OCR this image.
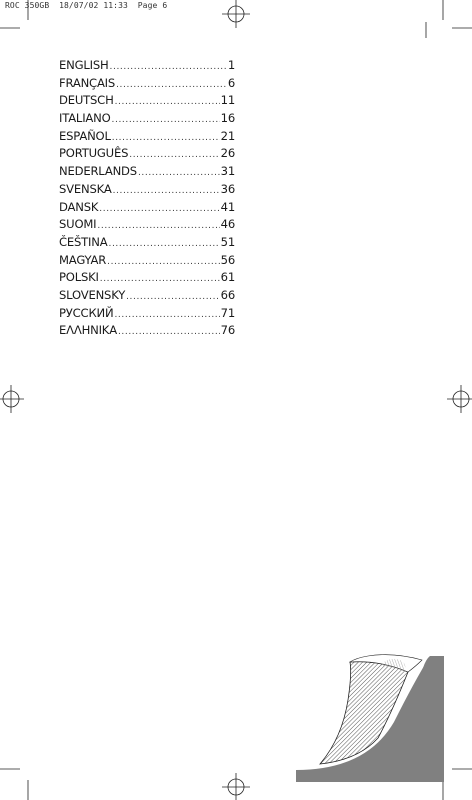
ROC 350GB  18/07/02 11:33  Page 6
ENGLISH .....	1
FRANÇAIS .....	6
DEUTSCH .....	11
ITALIANO .....	16
ESPAÑOL .....	21
PORTUGUÊS .....	26
NEDERLANDS .....	31
SVENSKA .....	36
DANSK .....	41
SUOMI .....	46
ČEŠTINA .....	51
MAGYAR .....	56
POLSKI .....	61
SLOVENSKY .....	66
РУССКИЙ .....	71
ΕΛΛΗΝΙΚΑ .....	76
